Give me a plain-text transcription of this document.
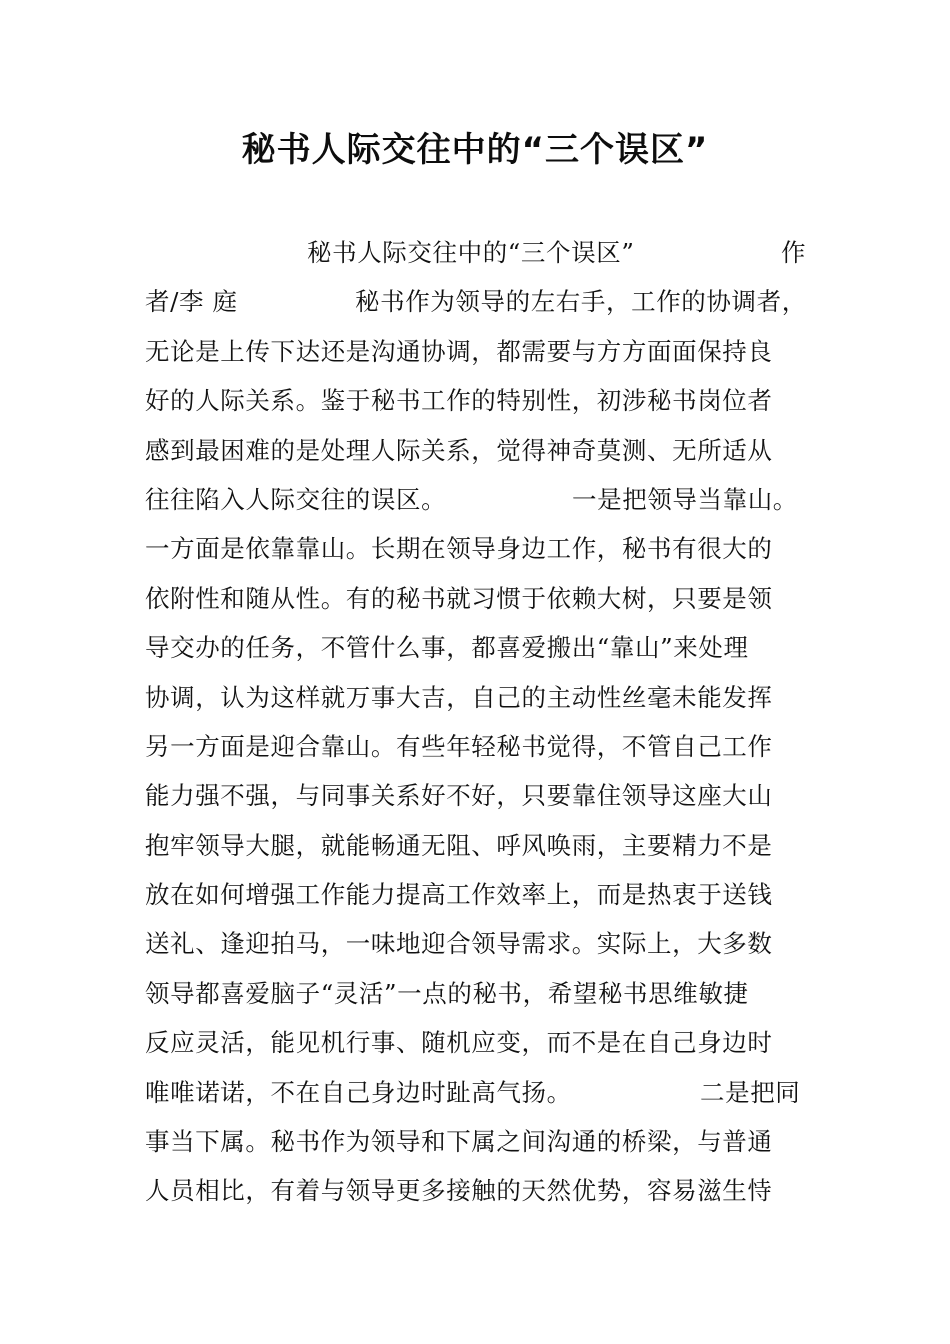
秘书人际交往中的“三个误区”
秘书人际交往中的“三个误区”	作
者/李 庭	秘书作为领导的左右手，工作的协调者，
无论是上传下达还是沟通协调，都需要与方方面面保持良
好的人际关系。鉴于秘书工作的特别性，初涉秘书岗位者
感到最困难的是处理人际关系，觉得神奇莫测、无所适从
往往陷入人际交往的误区。	一是把领导当靠山。
一方面是依靠靠山。长期在领导身边工作，秘书有很大的
依附性和随从性。有的秘书就习惯于依赖大树，只要是领
导交办的任务，不管什么事，都喜爱搬出“靠山”来处理
协调，认为这样就万事大吉，自己的主动性丝毫未能发挥
另一方面是迎合靠山。有些年轻秘书觉得，不管自己工作
能力强不强，与同事关系好不好，只要靠住领导这座大山
抱牢领导大腿，就能畅通无阻、呼风唤雨，主要精力不是
放在如何增强工作能力提高工作效率上，而是热衷于送钱
送礼、逢迎拍马，一味地迎合领导需求。实际上，大多数
领导都喜爱脑子“灵活”一点的秘书，希望秘书思维敏捷
反应灵活，能见机行事、随机应变，而不是在自己身边时
唯唯诺诺，不在自己身边时趾高气扬。	二是把同
事当下属。秘书作为领导和下属之间沟通的桥梁，与普通
人员相比，有着与领导更多接触的天然优势，容易滋生恃
